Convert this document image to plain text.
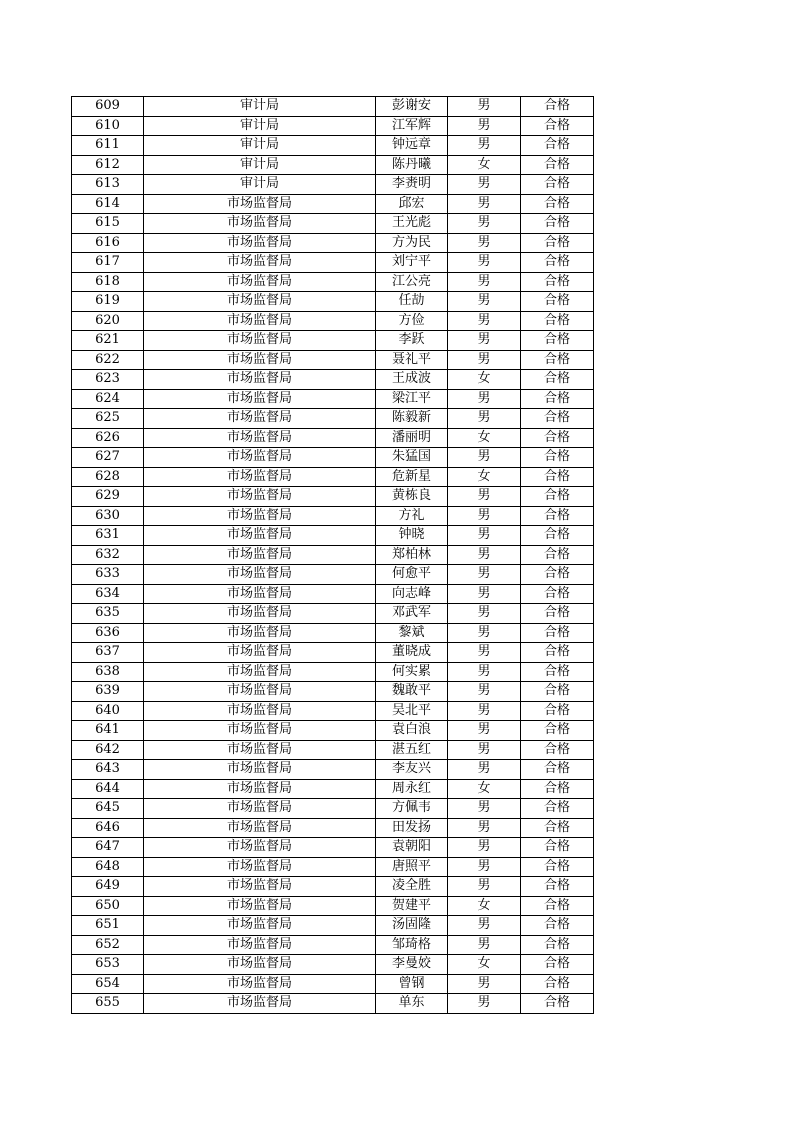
609	审计局	彭谢安	男	合格
610	审计局	江军辉	男	合格
611	审计局	钟远章	男	合格
612	审计局	陈丹曦	女	合格
613	审计局	李赉明	男	合格
614	市场监督局	邱宏	男	合格
615	市场监督局	王光彪	男	合格
616	市场监督局	方为民	男	合格
617	市场监督局	刘宁平	男	合格
618	市场监督局	江公亮	男	合格
619	市场监督局	任劼	男	合格
620	市场监督局	方俭	男	合格
621	市场监督局	李跃	男	合格
622	市场监督局	聂礼平	男	合格
623	市场监督局	王成波	女	合格
624	市场监督局	梁江平	男	合格
625	市场监督局	陈毅新	男	合格
626	市场监督局	潘丽明	女	合格
627	市场监督局	朱猛国	男	合格
628	市场监督局	危新星	女	合格
629	市场监督局	黄栋良	男	合格
630	市场监督局	方礼	男	合格
631	市场监督局	钟晓	男	合格
632	市场监督局	郑柏林	男	合格
633	市场监督局	何愈平	男	合格
634	市场监督局	向志峰	男	合格
635	市场监督局	邓武军	男	合格
636	市场监督局	黎斌	男	合格
637	市场监督局	董晓成	男	合格
638	市场监督局	何实累	男	合格
639	市场监督局	魏敢平	男	合格
640	市场监督局	吴北平	男	合格
641	市场监督局	袁白浪	男	合格
642	市场监督局	湛五红	男	合格
643	市场监督局	李友兴	男	合格
644	市场监督局	周永红	女	合格
645	市场监督局	方佩韦	男	合格
646	市场监督局	田发扬	男	合格
647	市场监督局	袁朝阳	男	合格
648	市场监督局	唐照平	男	合格
649	市场监督局	凌全胜	男	合格
650	市场监督局	贺建平	女	合格
651	市场监督局	汤固隆	男	合格
652	市场监督局	邹琦格	男	合格
653	市场监督局	李曼姣	女	合格
654	市场监督局	曾钢	男	合格
655	市场监督局	单东	男	合格
